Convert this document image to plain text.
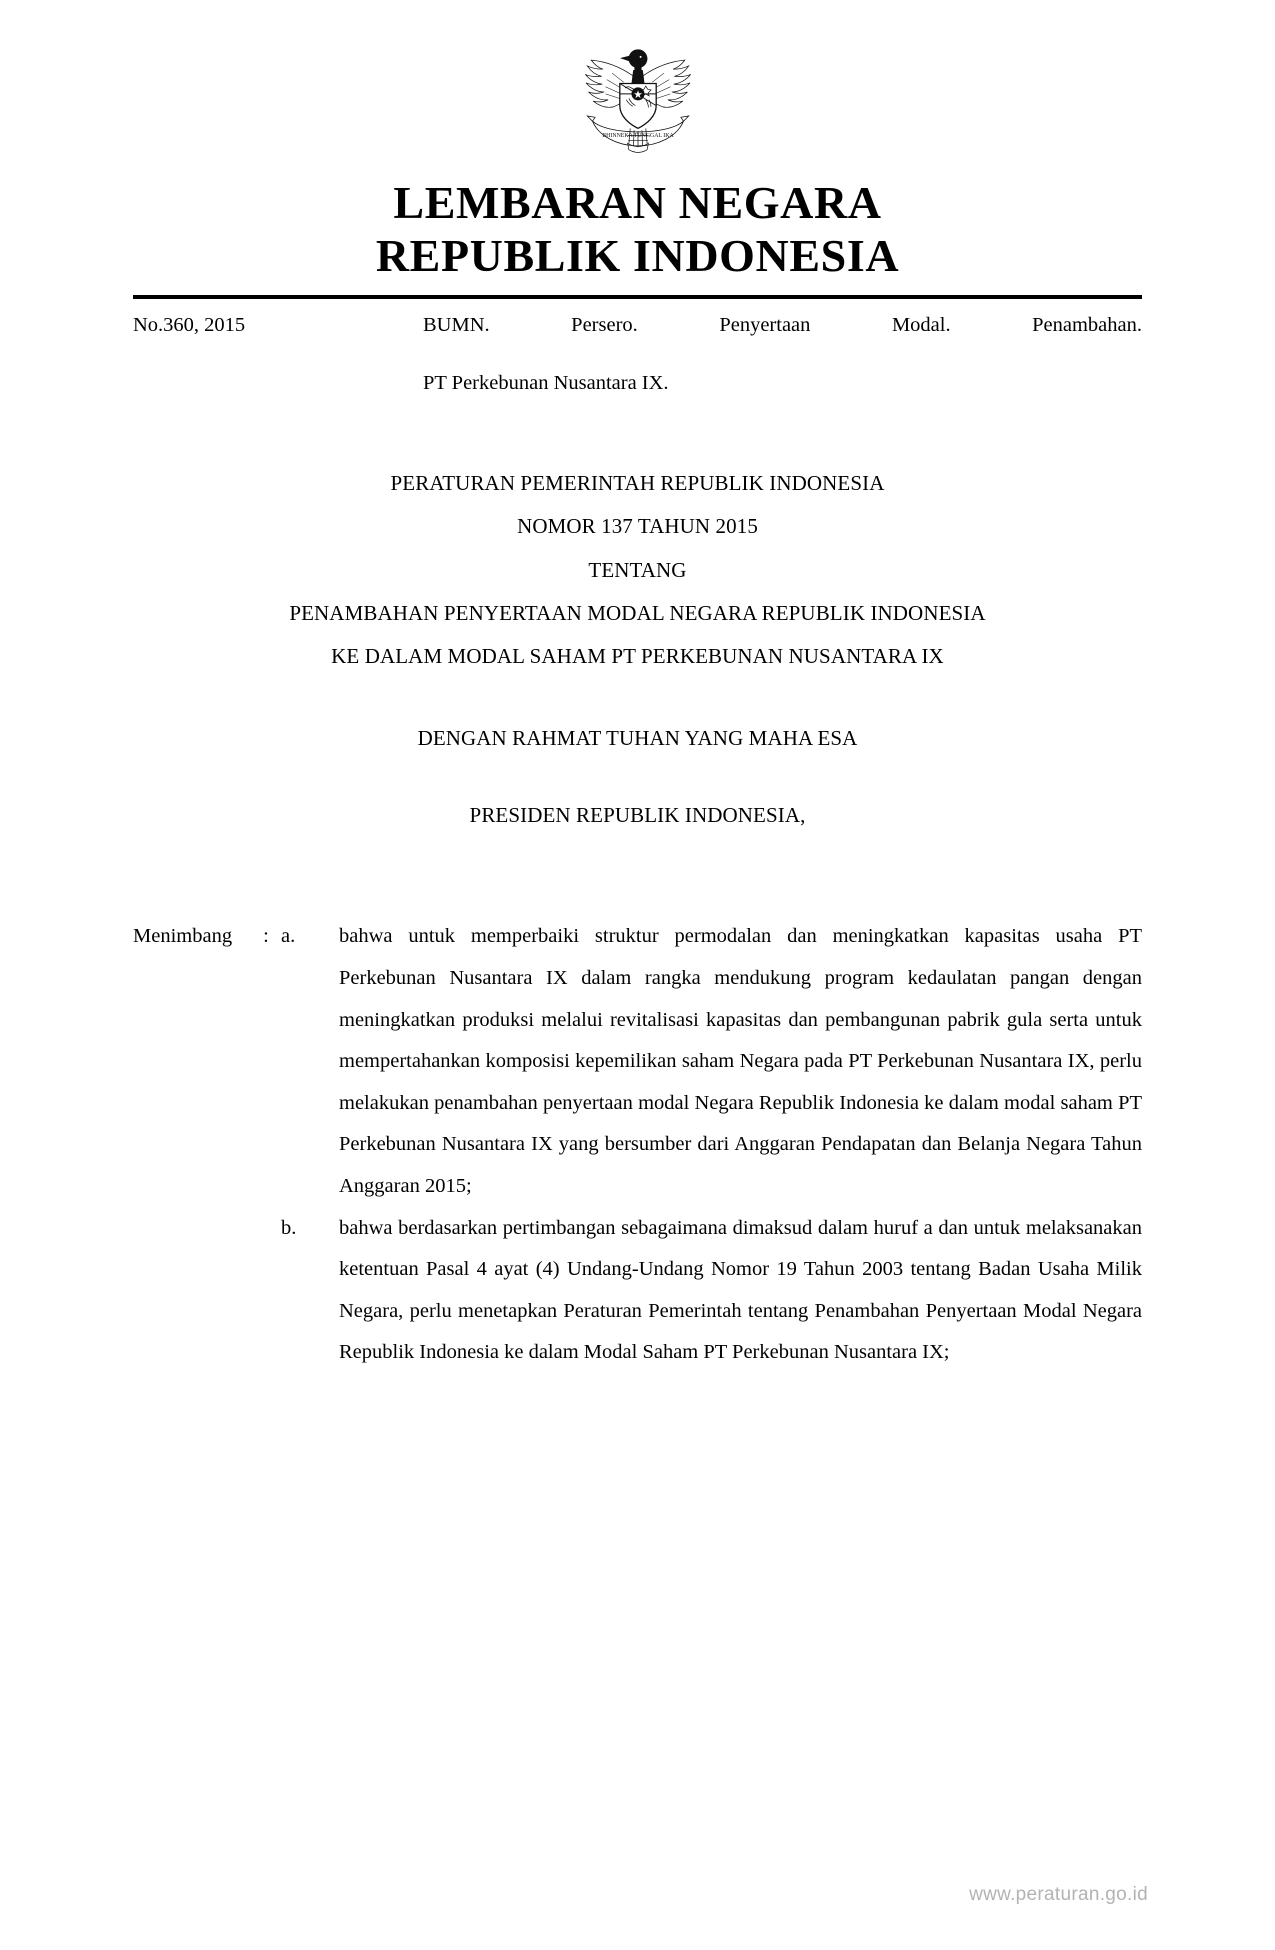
BHINNEKA TUNGGAL IKA
LEMBARAN NEGARA
REPUBLIK INDONESIA
No.360, 2015	BUMN. Persero. Penyertaan Modal. Penambahan.
PT Perkebunan Nusantara IX.
PERATURAN PEMERINTAH REPUBLIK INDONESIA
NOMOR 137 TAHUN 2015
TENTANG
PENAMBAHAN PENYERTAAN MODAL NEGARA REPUBLIK INDONESIA
KE DALAM MODAL SAHAM PT PERKEBUNAN NUSANTARA IX
DENGAN RAHMAT TUHAN YANG MAHA ESA
PRESIDEN REPUBLIK INDONESIA,
Menimbang	: a.	bahwa untuk memperbaiki struktur permodalan dan meningkatkan kapasitas usaha PT Perkebunan Nusantara IX dalam rangka mendukung program kedaulatan pangan dengan meningkatkan produksi melalui revitalisasi kapasitas dan pembangunan pabrik gula serta untuk mempertahankan komposisi kepemilikan saham Negara pada PT Perkebunan Nusantara IX, perlu melakukan penambahan penyertaan modal Negara Republik Indonesia ke dalam modal saham PT Perkebunan Nusantara IX yang bersumber dari Anggaran Pendapatan dan Belanja Negara Tahun Anggaran 2015;
b.	bahwa berdasarkan pertimbangan sebagaimana dimaksud dalam huruf a dan untuk melaksanakan ketentuan Pasal 4 ayat (4) Undang-Undang Nomor 19 Tahun 2003 tentang Badan Usaha Milik Negara, perlu menetapkan Peraturan Pemerintah tentang Penambahan Penyertaan Modal Negara Republik Indonesia ke dalam Modal Saham PT Perkebunan Nusantara IX;
www.peraturan.go.id
